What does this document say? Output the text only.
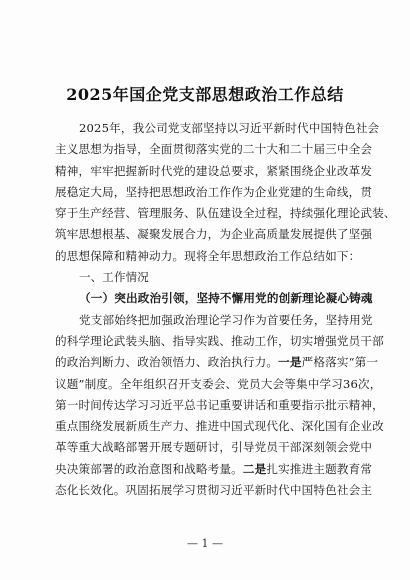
2025年国企党支部思想政治工作总结
2025年，我公司党支部坚持以习近平新时代中国特色社会
主义思想为指导，全面贯彻落实党的二十大和二十届三中全会
精神，牢牢把握新时代党的建设总要求，紧紧围绕企业改革发
展稳定大局，坚持把思想政治工作作为企业党建的生命线，贯
穿于生产经营、管理服务、队伍建设全过程，持续强化理论武装、
筑牢思想根基、凝聚发展合力，为企业高质量发展提供了坚强
的思想保障和精神动力。现将全年思想政治工作总结如下：
一、工作情况
（一）突出政治引领，坚持不懈用党的创新理论凝心铸魂
党支部始终把加强政治理论学习作为首要任务，坚持用党
的科学理论武装头脑、指导实践、推动工作，切实增强党员干部
的政治判断力、政治领悟力、政治执行力。一是严格落实“第一
议题”制度。全年组织召开支委会、党员大会等集中学习36次，
第一时间传达学习习近平总书记重要讲话和重要指示批示精神，
重点围绕发展新质生产力、推进中国式现代化、深化国有企业改
革等重大战略部署开展专题研讨，引导党员干部深刻领会党中
央决策部署的政治意图和战略考量。二是扎实推进主题教育常
态化长效化。巩固拓展学习贯彻习近平新时代中国特色社会主
— 1 —
